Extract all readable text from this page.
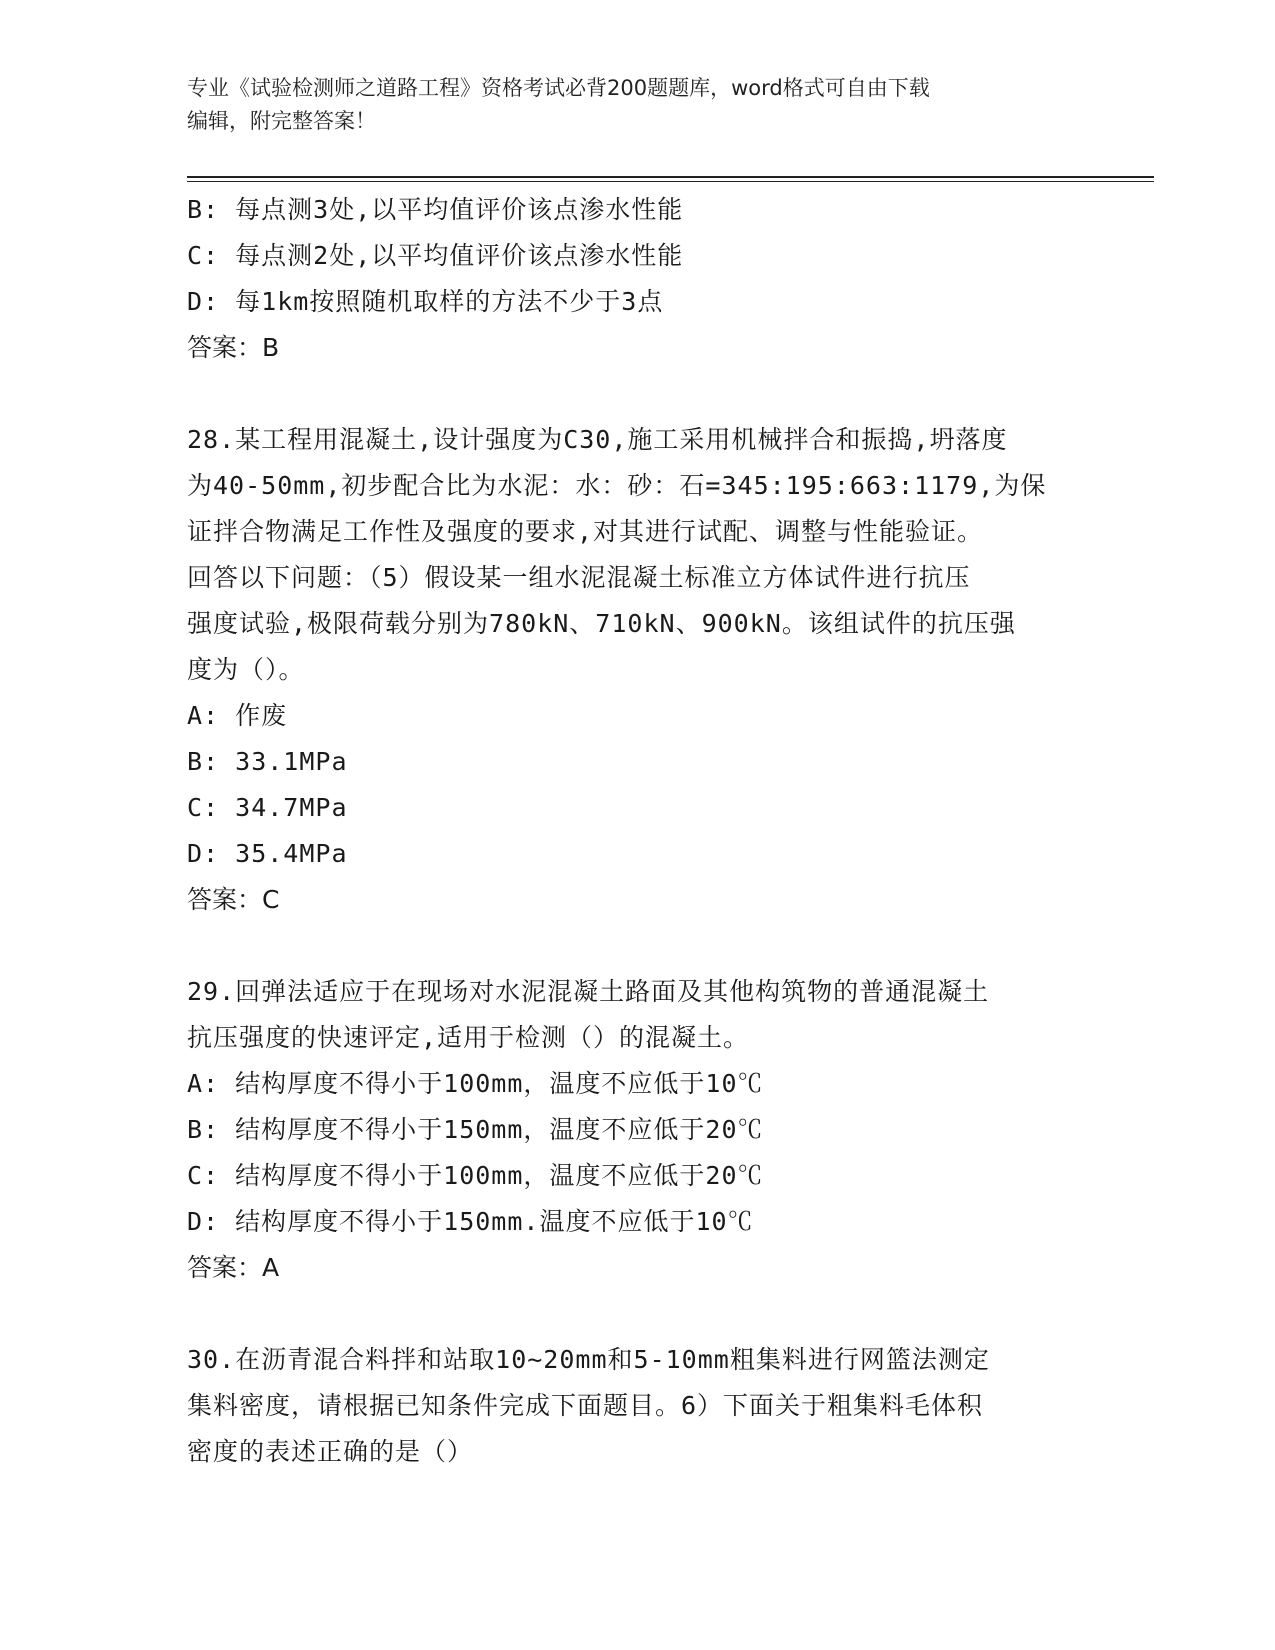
专业《试验检测师之道路工程》资格考试必背200题题库，word格式可自由下载
编辑，附完整答案！
B: 每点测3处,以平均值评价该点渗水性能
C: 每点测2处,以平均值评价该点渗水性能
D: 每1km按照随机取样的方法不少于3点
答案：B
28.某工程用混凝土,设计强度为C30,施工采用机械拌合和振捣,坍落度
为40-50mm,初步配合比为水泥：水：砂：石=345:195:663:1179,为保
证拌合物满足工作性及强度的要求,对其进行试配、调整与性能验证。
回答以下问题：（5）假设某一组水泥混凝土标准立方体试件进行抗压
强度试验,极限荷载分别为780kN、710kN、900kN。该组试件的抗压强
度为（）。
A: 作废
B: 33.1MPa
C: 34.7MPa
D: 35.4MPa
答案：C
29.回弹法适应于在现场对水泥混凝土路面及其他构筑物的普通混凝土
抗压强度的快速评定,适用于检测（）的混凝土。
A: 结构厚度不得小于100mm，温度不应低于10℃
B: 结构厚度不得小于150mm，温度不应低于20℃
C: 结构厚度不得小于100mm，温度不应低于20℃
D: 结构厚度不得小于150mm.温度不应低于10℃
答案：A
30.在沥青混合料拌和站取10~20mm和5-10mm粗集料进行网篮法测定
集料密度，请根据已知条件完成下面题目。6）下面关于粗集料毛体积
密度的表述正确的是（）
